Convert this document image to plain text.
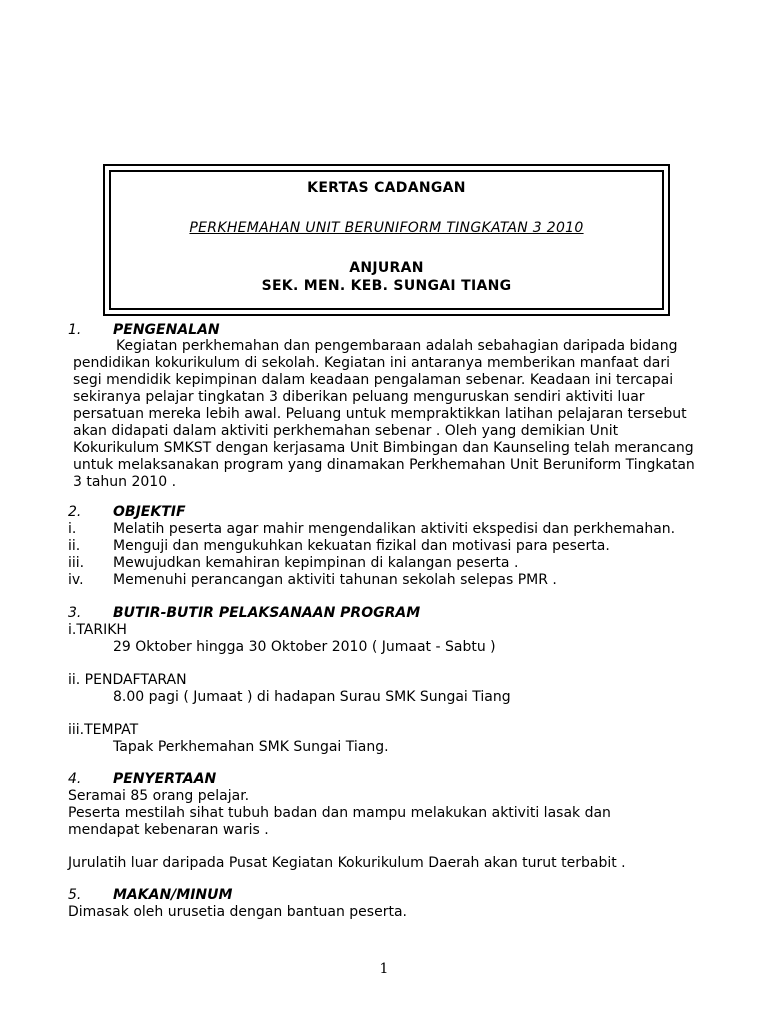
KERTAS CADANGAN
PERKHEMAHAN UNIT BERUNIFORM TINGKATAN 3 2010
ANJURAN
SEK. MEN. KEB. SUNGAI TIANG
1. PENGENALAN
Kegiatan perkhemahan dan pengembaraan adalah sebahagian daripada bidang
pendidikan kokurikulum di sekolah. Kegiatan ini antaranya memberikan manfaat dari
segi mendidik kepimpinan dalam keadaan pengalaman sebenar. Keadaan ini tercapai
sekiranya pelajar tingkatan 3 diberikan peluang menguruskan sendiri aktiviti luar
persatuan mereka lebih awal. Peluang untuk mempraktikkan latihan pelajaran tersebut
akan didapati dalam aktiviti perkhemahan sebenar . Oleh yang demikian Unit
Kokurikulum SMKST dengan kerjasama Unit Bimbingan dan Kaunseling telah merancang
untuk melaksanakan program yang dinamakan Perkhemahan Unit Beruniform Tingkatan
3 tahun 2010 .
2. OBJEKTIF
i.	Melatih peserta agar mahir mengendalikan aktiviti ekspedisi dan perkhemahan.
ii. Menguji dan mengukuhkan kekuatan fizikal dan motivasi para peserta.
iii. Mewujudkan kemahiran kepimpinan di kalangan peserta .
iv. Memenuhi perancangan aktiviti tahunan sekolah selepas PMR .
3. BUTIR-BUTIR PELAKSANAAN PROGRAM
i.TARIKH
29 Oktober hingga 30 Oktober 2010 ( Jumaat - Sabtu )
ii. PENDAFTARAN
8.00 pagi ( Jumaat ) di hadapan Surau SMK Sungai Tiang
iii.TEMPAT
Tapak Perkhemahan SMK Sungai Tiang.
4. PENYERTAAN
Seramai 85 orang pelajar.
Peserta mestilah sihat tubuh badan dan mampu melakukan aktiviti lasak dan
mendapat kebenaran waris .
Jurulatih luar daripada Pusat Kegiatan Kokurikulum Daerah akan turut terbabit .
5. MAKAN/MINUM
Dimasak oleh urusetia dengan bantuan peserta.
1
